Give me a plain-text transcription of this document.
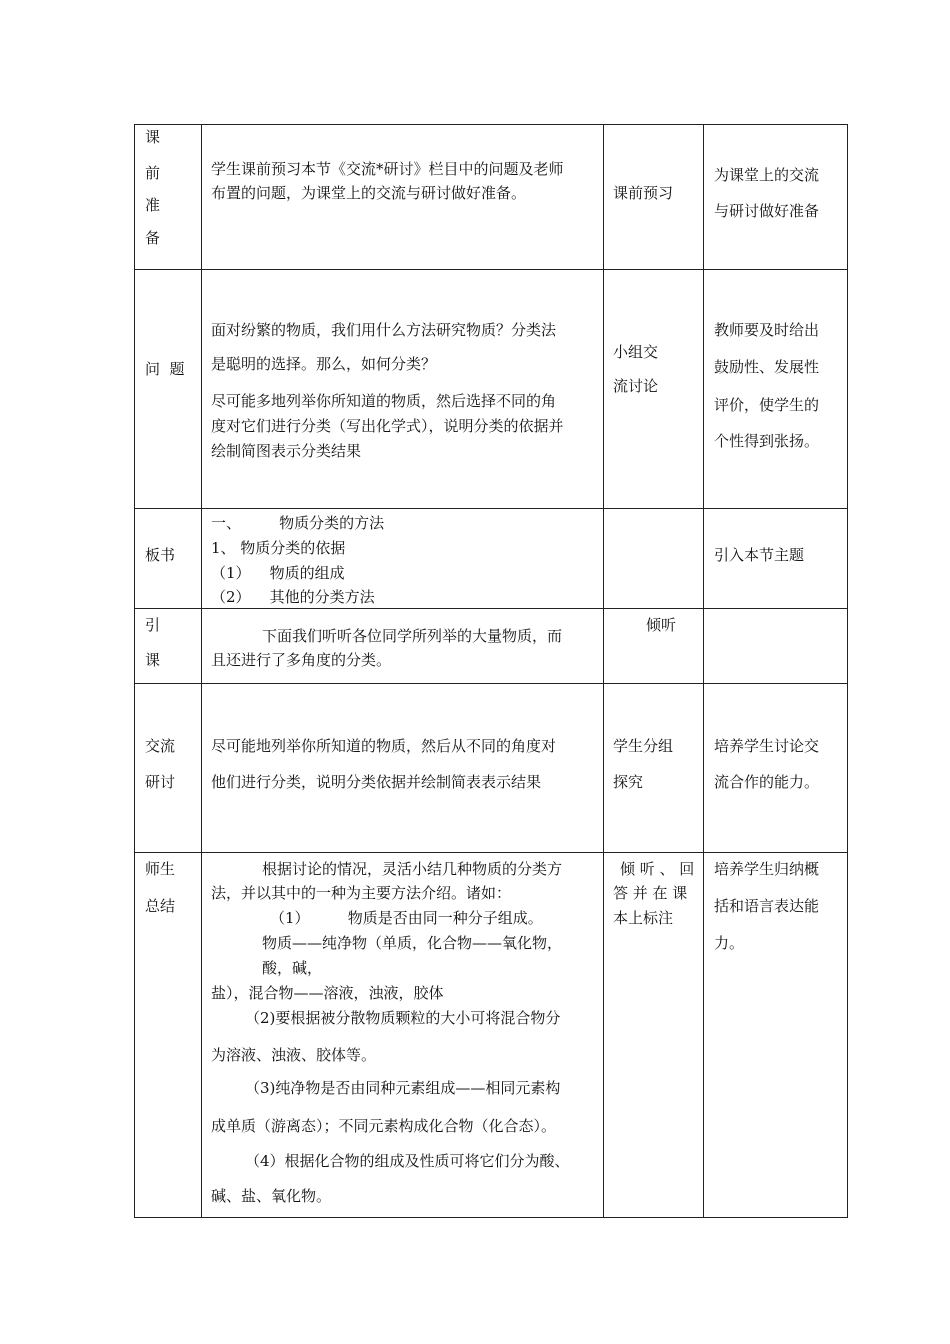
课
前
准
备
学生课前预习本节《交流*研讨》栏目中的问题及老师
布置的问题，为课堂上的交流与研讨做好准备。	课前预习
为课堂上的交流
与研讨做好准备
问  题
面对纷繁的物质，我们用什么方法研究物质？分类法
是聪明的选择。那么，如何分类？
尽可能多地列举你所知道的物质，然后选择不同的角
度对它们进行分类（写出化学式），说明分类的依据并
绘制简图表示分类结果
小组交
流讨论
教师要及时给出
鼓励性、发展性
评价，使学生的
个性得到张扬。
板书
一、        物质分类的方法
1、 物质分类的依据
（1）    物质的组成
（2）    其他的分类方法
引入本节主题
引
课
下面我们听听各位同学所列举的大量物质，而
且还进行了多角度的分类。
倾听
交流
研讨
尽可能地列举你所知道的物质，然后从不同的角度对
他们进行分类，说明分类依据并绘制简表表示结果
学生分组
探究
培养学生讨论交
流合作的能力。
师生
总结
根据讨论的情况，灵活小结几种物质的分类方
法，并以其中的一种为主要方法介绍。诸如：
（1）        物质是否由同一种分子组成。
物质——纯净物（单质，化合物——氧化物，
酸，碱，
盐），混合物——溶液，浊液，胶体
（2)要根据被分散物质颗粒的大小可将混合物分
为溶液、浊液、胶体等。
（3)纯净物是否由同种元素组成——相同元素构
成单质（游离态）；不同元素构成化合物（化合态）。
（4）根据化合物的组成及性质可将它们分为酸、
碱、盐、氧化物。
倾 听 、 回
答 并 在 课
本上标注
培养学生归纳概
括和语言表达能
力。
